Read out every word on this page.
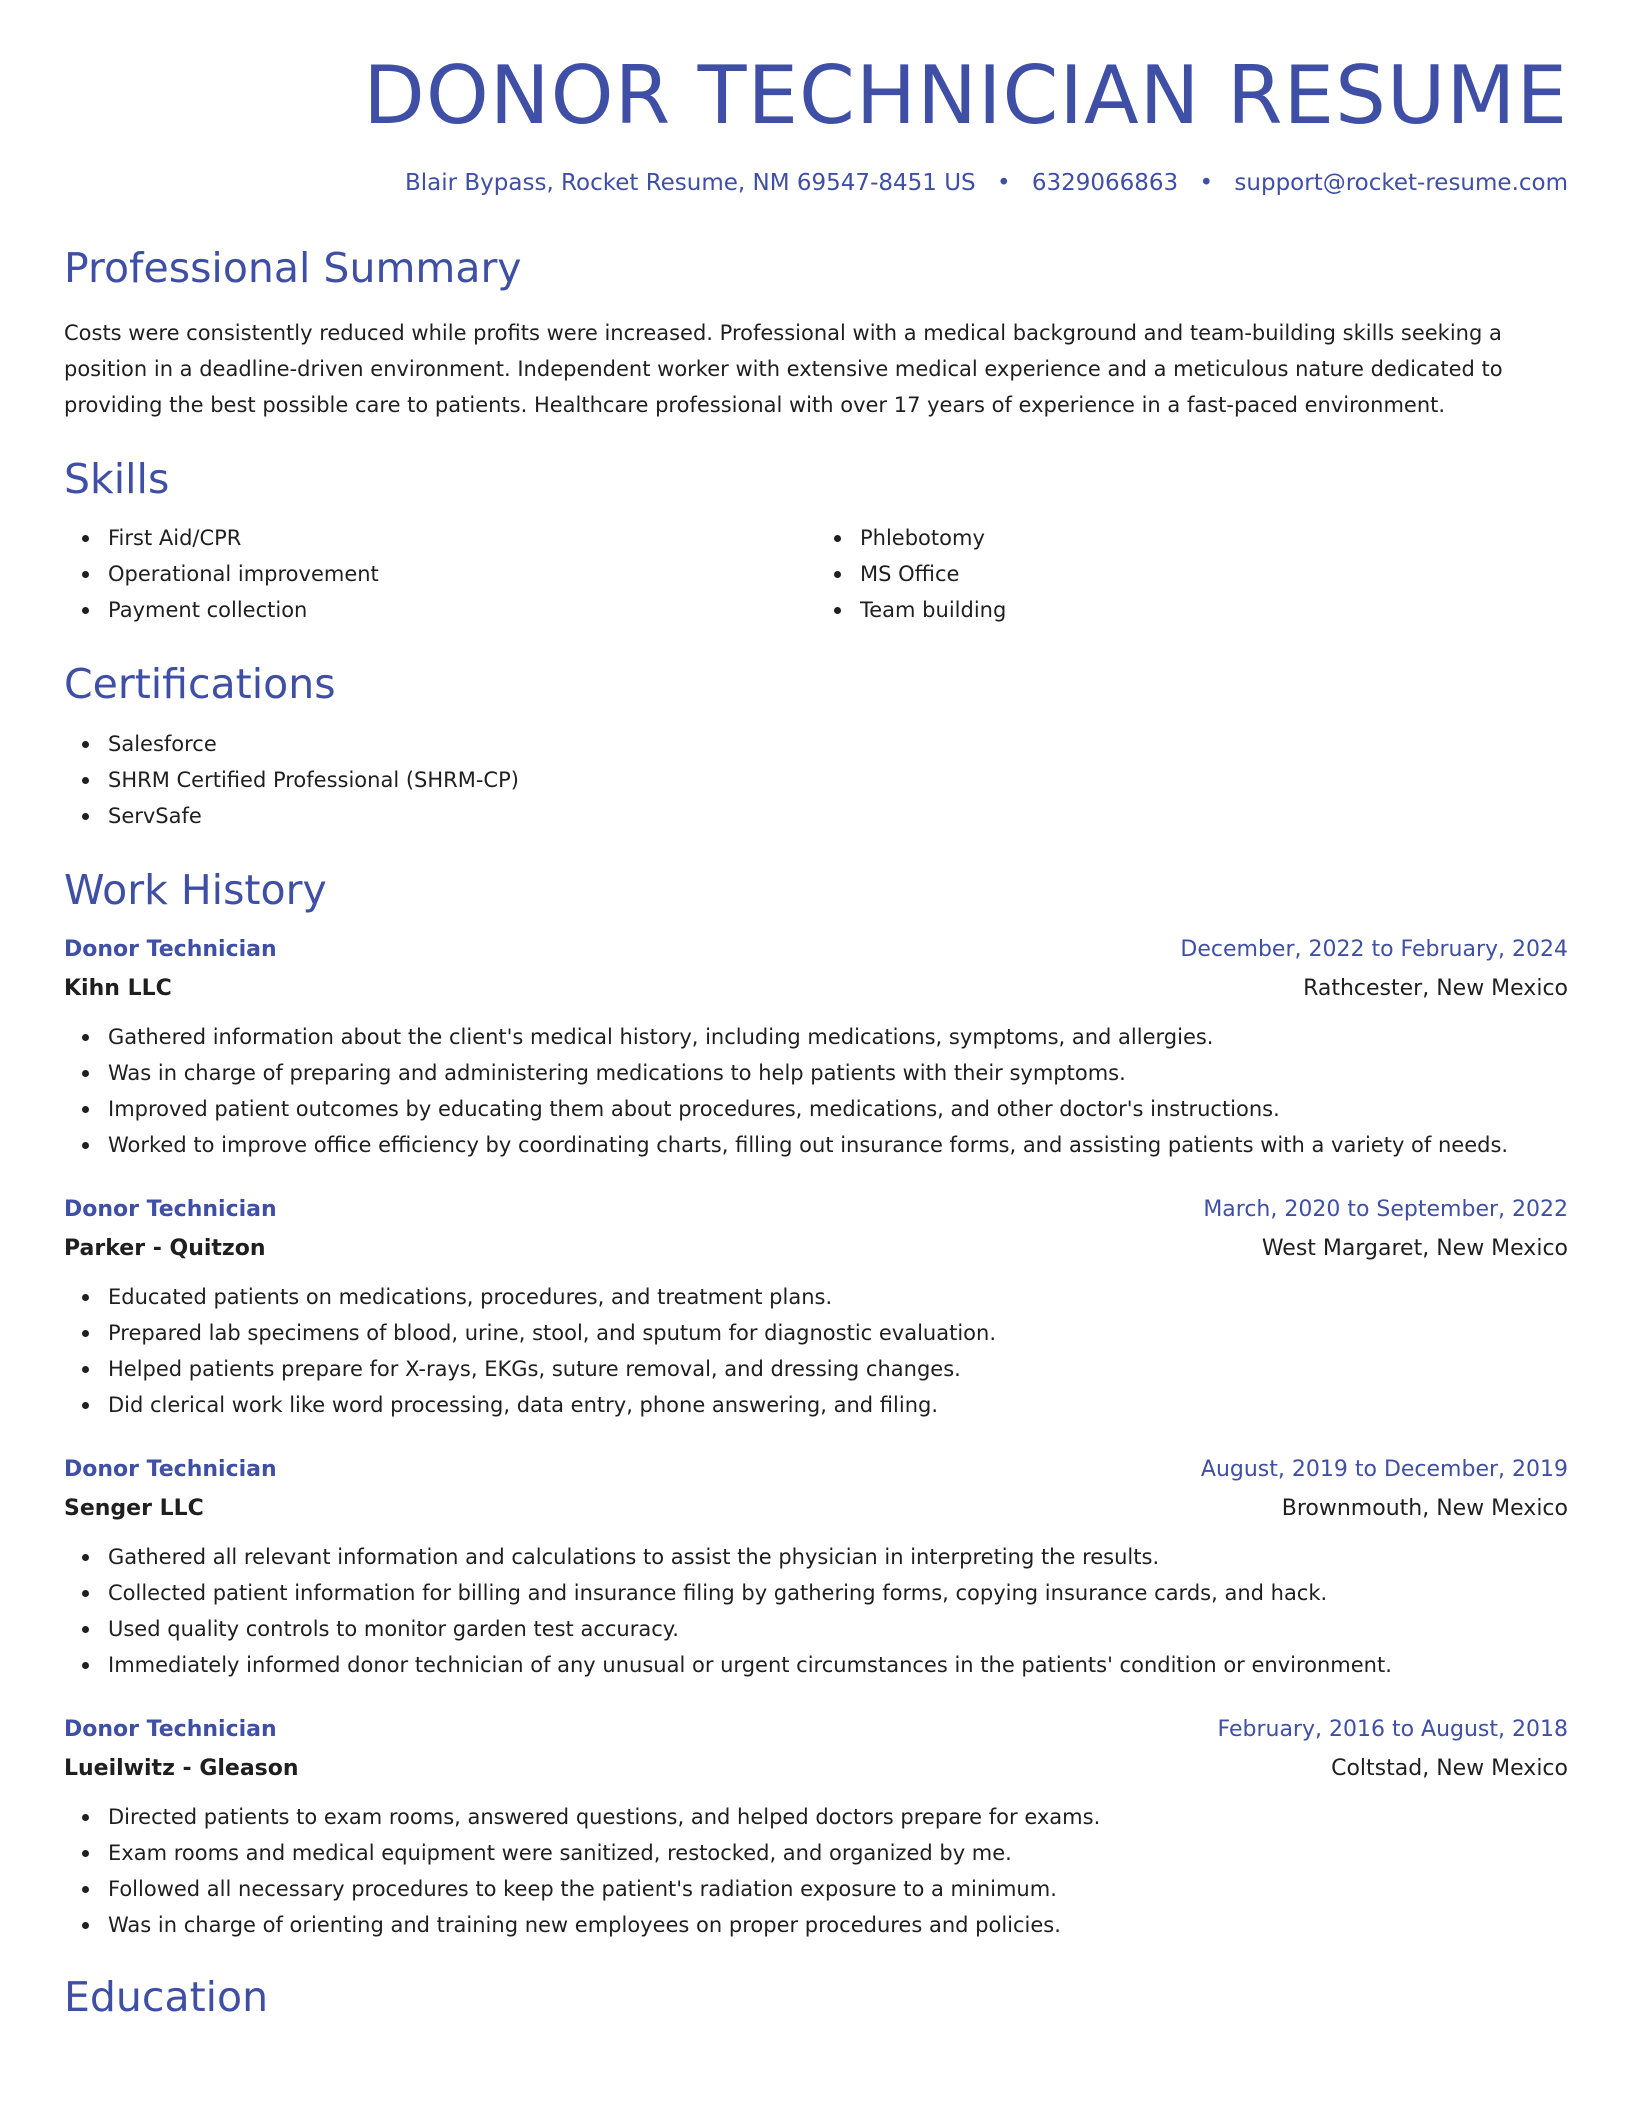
DONOR TECHNICIAN RESUME
Blair Bypass, Rocket Resume, NM 69547-8451 US • 6329066863 • support@rocket-resume.com
Professional Summary

Costs were consistently reduced while profits were increased. Professional with a medical background and team-building skills seeking a position in a deadline-driven environment. Independent worker with extensive medical experience and a meticulous nature dedicated to providing the best possible care to patients. Healthcare professional with over 17 years of experience in a fast-paced environment.

Skills
First Aid/CPR
Operational improvement
Payment collection
Phlebotomy
MS Office
Team building
Certifications
Salesforce
SHRM Certified Professional (SHRM-CP)
ServSafe
Work History
Donor Technician	December, 2022 to February, 2024
Kihn LLC	Rathcester, New Mexico
Gathered information about the client's medical history, including medications, symptoms, and allergies.
Was in charge of preparing and administering medications to help patients with their symptoms.
Improved patient outcomes by educating them about procedures, medications, and other doctor's instructions.
Worked to improve office efficiency by coordinating charts, filling out insurance forms, and assisting patients with a variety of needs.
Donor Technician	March, 2020 to September, 2022
Parker - Quitzon	West Margaret, New Mexico
Educated patients on medications, procedures, and treatment plans.
Prepared lab specimens of blood, urine, stool, and sputum for diagnostic evaluation.
Helped patients prepare for X-rays, EKGs, suture removal, and dressing changes.
Did clerical work like word processing, data entry, phone answering, and filing.
Donor Technician	August, 2019 to December, 2019
Senger LLC	Brownmouth, New Mexico
Gathered all relevant information and calculations to assist the physician in interpreting the results.
Collected patient information for billing and insurance filing by gathering forms, copying insurance cards, and hack.
Used quality controls to monitor garden test accuracy.
Immediately informed donor technician of any unusual or urgent circumstances in the patients' condition or environment.
Donor Technician	February, 2016 to August, 2018
Lueilwitz - Gleason	Coltstad, New Mexico
Directed patients to exam rooms, answered questions, and helped doctors prepare for exams.
Exam rooms and medical equipment were sanitized, restocked, and organized by me.
Followed all necessary procedures to keep the patient's radiation exposure to a minimum.
Was in charge of orienting and training new employees on proper procedures and policies.
Education
